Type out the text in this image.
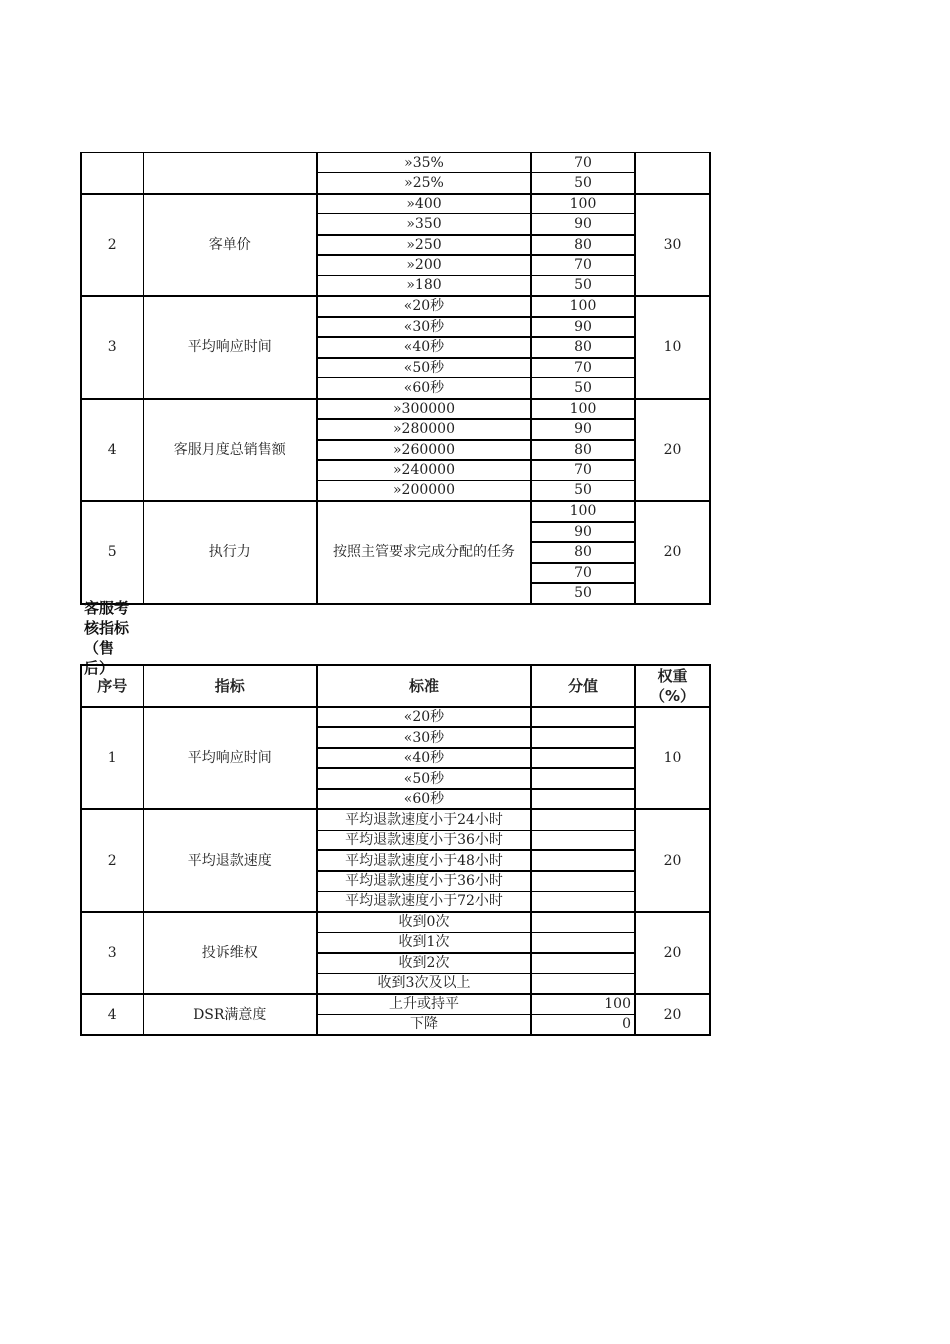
		»35%	70	
		»25%	50	
2	客单价	»400	100	30
		»350	90	
		»250	80	
		»200	70	
		»180	50	
3	平均响应时间	«20秒	100	10
		«30秒	90	
		«40秒	80	
		«50秒	70	
		«60秒	50	
4	客服月度总销售额	»300000	100	20
		»280000	90	
		»260000	80	
		»240000	70	
		»200000	50	
5	执行力	按照主管要求完成分配的任务	100	20
			90	
			80	
			70	
			50	
客服考
核指标
（售
后）
序号	指标	标准	分值	权重（%）
1	平均响应时间	«20秒		10
		«30秒		
		«40秒		
		«50秒		
		«60秒		
2	平均退款速度	平均退款速度小于24小时		20
		平均退款速度小于36小时		
		平均退款速度小于48小时		
		平均退款速度小于36小时		
		平均退款速度小于72小时		
3	投诉维权	收到0次		20
		收到1次		
		收到2次		
		收到3次及以上		
4	DSR满意度	上升或持平	100	20
		下降	0	
